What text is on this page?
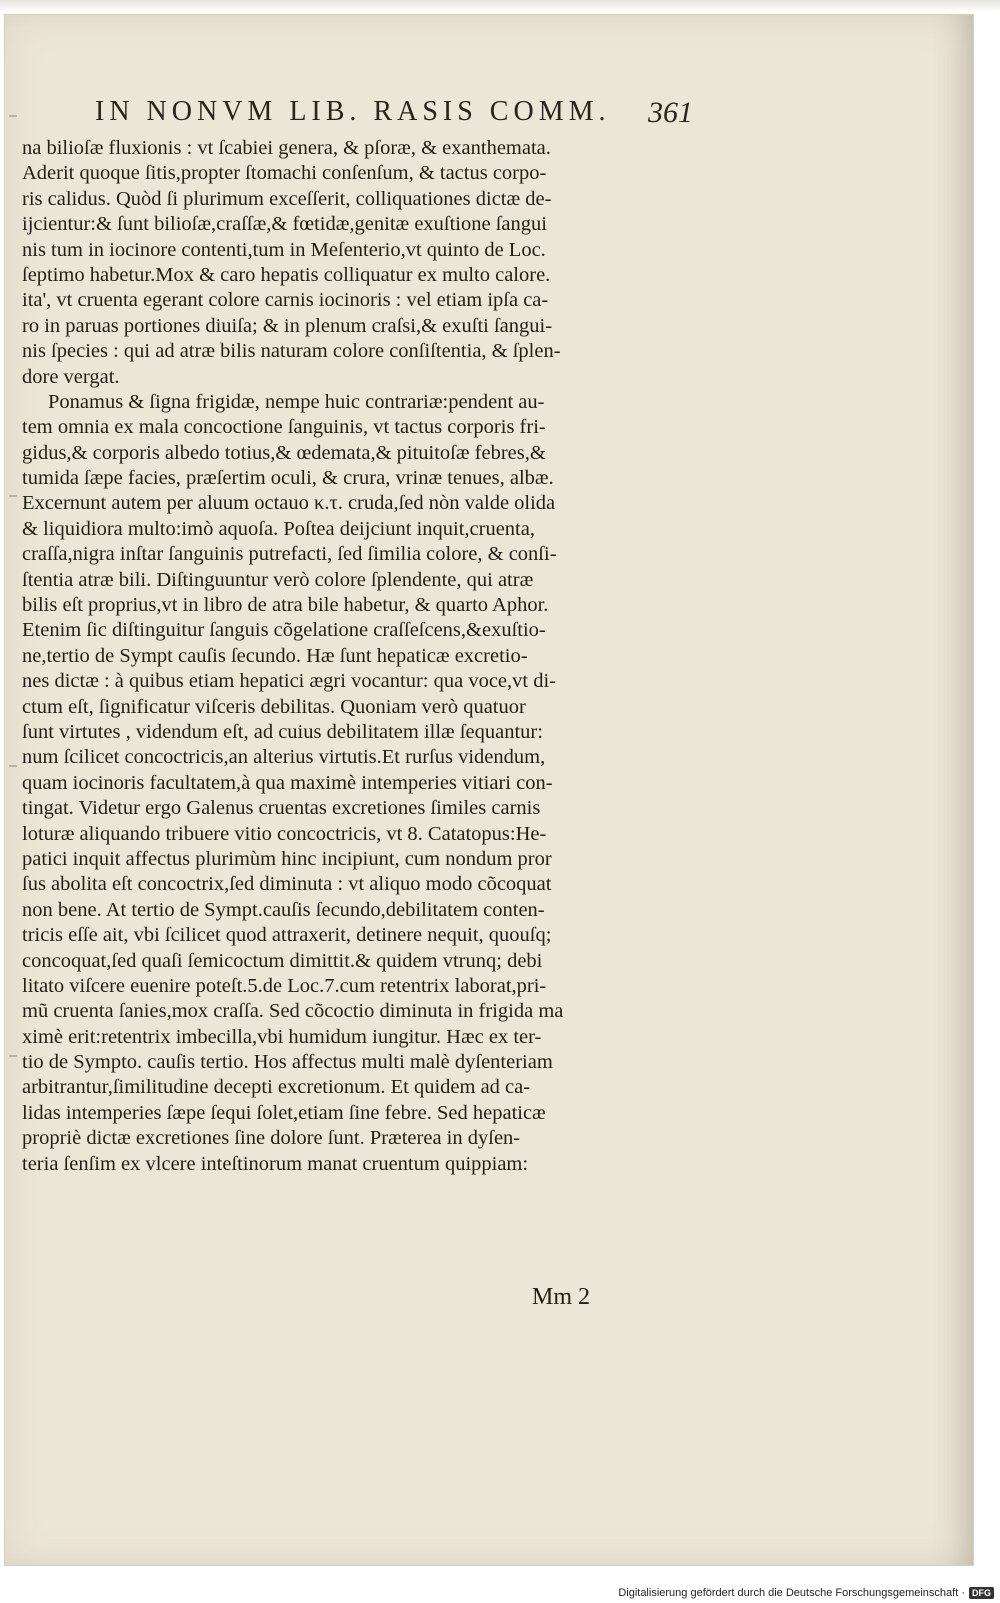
IN NONVM LIB. RASIS COMM.	361
na bilioſæ fluxionis : vt ſcabiei genera, & pſoræ, & exanthemata.
Aderit quoque ſitis,propter ſtomachi conſenſum, & tactus corpo-
ris calidus. Quòd ſi plurimum exceſſerit, colliquationes dictæ de-
ijcientur:& ſunt bilioſæ,craſſæ,& fœtidæ,genitæ exuſtione ſangui
nis tum in iocinore contenti,tum in Meſenterio,vt quinto de Loc.
ſeptimo habetur.Mox & caro hepatis colliquatur ex multo calore.
ita', vt cruenta egerant colore carnis iocinoris : vel etiam ipſa ca-
ro in paruas portiones diuiſa; & in plenum craſsi,& exuſti ſangui-
nis ſpecies : qui ad atræ bilis naturam colore conſiſtentia, & ſplen-
dore vergat.
Ponamus & ſigna frigidæ, nempe huic contrariæ:pendent au-
tem omnia ex mala concoctione ſanguinis, vt tactus corporis fri-
gidus,& corporis albedo totius,& œdemata,& pituitoſæ febres,&
tumida ſæpe facies, præſertim oculi, & crura, vrinæ tenues, albæ.
Excernunt autem per aluum octauo κ.τ. cruda,ſed nòn valde olida
& liquidiora multo:imò aquoſa. Poſtea deijciunt inquit,cruenta,
craſſa,nigra inſtar ſanguinis putrefacti, ſed ſimilia colore, & conſi-
ſtentia atræ bili. Diſtinguuntur verò colore ſplendente, qui atræ
bilis eſt proprius,vt in libro de atra bile habetur, & quarto Aphor.
Etenim ſic diſtinguitur ſanguis cõgelatione craſſeſcens,&exuſtio-
ne,tertio de Sympt cauſis ſecundo. Hæ ſunt hepaticæ excretio-
nes dictæ : à quibus etiam hepatici ægri vocantur: qua voce,vt di-
ctum eſt, ſignificatur viſceris debilitas. Quoniam verò quatuor
ſunt virtutes , videndum eſt, ad cuius debilitatem illæ ſequantur:
num ſcilicet concoctricis,an alterius virtutis.Et rurſus videndum,
quam iocinoris facultatem,à qua maximè intemperies vitiari con-
tingat. Videtur ergo Galenus cruentas excretiones ſimiles carnis
loturæ aliquando tribuere vitio concoctricis, vt 8. Catatopus:He-
patici inquit affectus plurimùm hinc incipiunt, cum nondum pror
ſus abolita eſt concoctrix,ſed diminuta : vt aliquo modo cõcoquat
non bene. At tertio de Sympt.cauſis ſecundo,debilitatem conten-
tricis eſſe ait, vbi ſcilicet quod attraxerit, detinere nequit, quouſq;
concoquat,ſed quaſi ſemicoctum dimittit.& quidem vtrunq; debi
litato viſcere euenire poteſt.5.de Loc.7.cum retentrix laborat,pri-
mũ cruenta ſanies,mox craſſa. Sed cõcoctio diminuta in frigida ma
ximè erit:retentrix imbecilla,vbi humidum iungitur. Hæc ex ter-
tio de Sympto. cauſis tertio. Hos affectus multi malè dyſenteriam
arbitrantur,ſimilitudine decepti excretionum. Et quidem ad ca-
lidas intemperies ſæpe ſequi ſolet,etiam ſine febre. Sed hepaticæ
propriè dictæ excretiones ſine dolore ſunt. Præterea in dyſen-
teria ſenſim ex vlcere inteſtinorum manat cruentum quippiam:
Mm 2
Digitalisierung gefördert durch die Deutsche Forschungsgemeinschaft · DFG
